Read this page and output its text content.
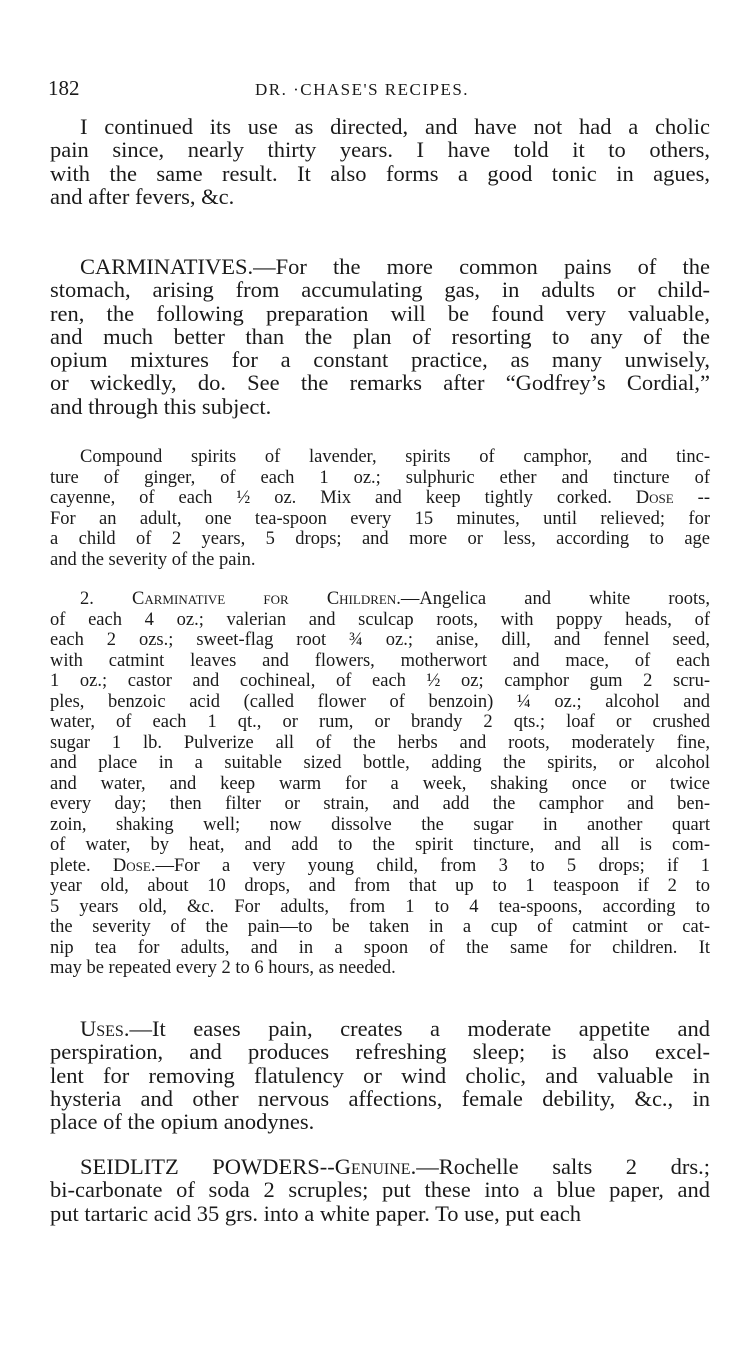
182	DR. ·CHASE'S RECIPES.
I continued its use as directed, and have not had a cholic
pain since, nearly thirty years. I have told it to others,
with the same result. It also forms a good tonic in agues,
and after fevers, &c.
CARMINATIVES.—For the more common pains of the
stomach, arising from accumulating gas, in adults or child-
ren, the following preparation will be found very valuable,
and much better than the plan of resorting to any of the
opium mixtures for a constant practice, as many unwisely,
or wickedly, do. See the remarks after “Godfrey’s Cordial,”
and through this subject.
Compound spirits of lavender, spirits of camphor, and tinc-
ture of ginger, of each 1 oz.; sulphuric ether and tincture of
cayenne, of each ½ oz. Mix and keep tightly corked. Dose --
For an adult, one tea-spoon every 15 minutes, until relieved; for
a child of 2 years, 5 drops; and more or less, according to age
and the severity of the pain.
2. Carminative for Children.—Angelica and white roots,
of each 4 oz.; valerian and sculcap roots, with poppy heads, of
each 2 ozs.; sweet-flag root ¾ oz.; anise, dill, and fennel seed,
with catmint leaves and flowers, motherwort and mace, of each
1 oz.; castor and cochineal, of each ½ oz; camphor gum 2 scru-
ples, benzoic acid (called flower of benzoin) ¼ oz.; alcohol and
water, of each 1 qt., or rum, or brandy 2 qts.; loaf or crushed
sugar 1 lb. Pulverize all of the herbs and roots, moderately fine,
and place in a suitable sized bottle, adding the spirits, or alcohol
and water, and keep warm for a week, shaking once or twice
every day; then filter or strain, and add the camphor and ben-
zoin, shaking well; now dissolve the sugar in another quart
of water, by heat, and add to the spirit tincture, and all is com-
plete. Dose.—For a very young child, from 3 to 5 drops; if 1
year old, about 10 drops, and from that up to 1 teaspoon if 2 to
5 years old, &c. For adults, from 1 to 4 tea-spoons, according to
the severity of the pain—to be taken in a cup of catmint or cat-
nip tea for adults, and in a spoon of the same for children. It
may be repeated every 2 to 6 hours, as needed.
Uses.—It eases pain, creates a moderate appetite and
perspiration, and produces refreshing sleep; is also excel-
lent for removing flatulency or wind cholic, and valuable in
hysteria and other nervous affections, female debility, &c., in
place of the opium anodynes.
SEIDLITZ POWDERS--Genuine.—Rochelle salts 2 drs.;
bi-carbonate of soda 2 scruples; put these into a blue paper, and
put tartaric acid 35 grs. into a white paper. To use, put each
